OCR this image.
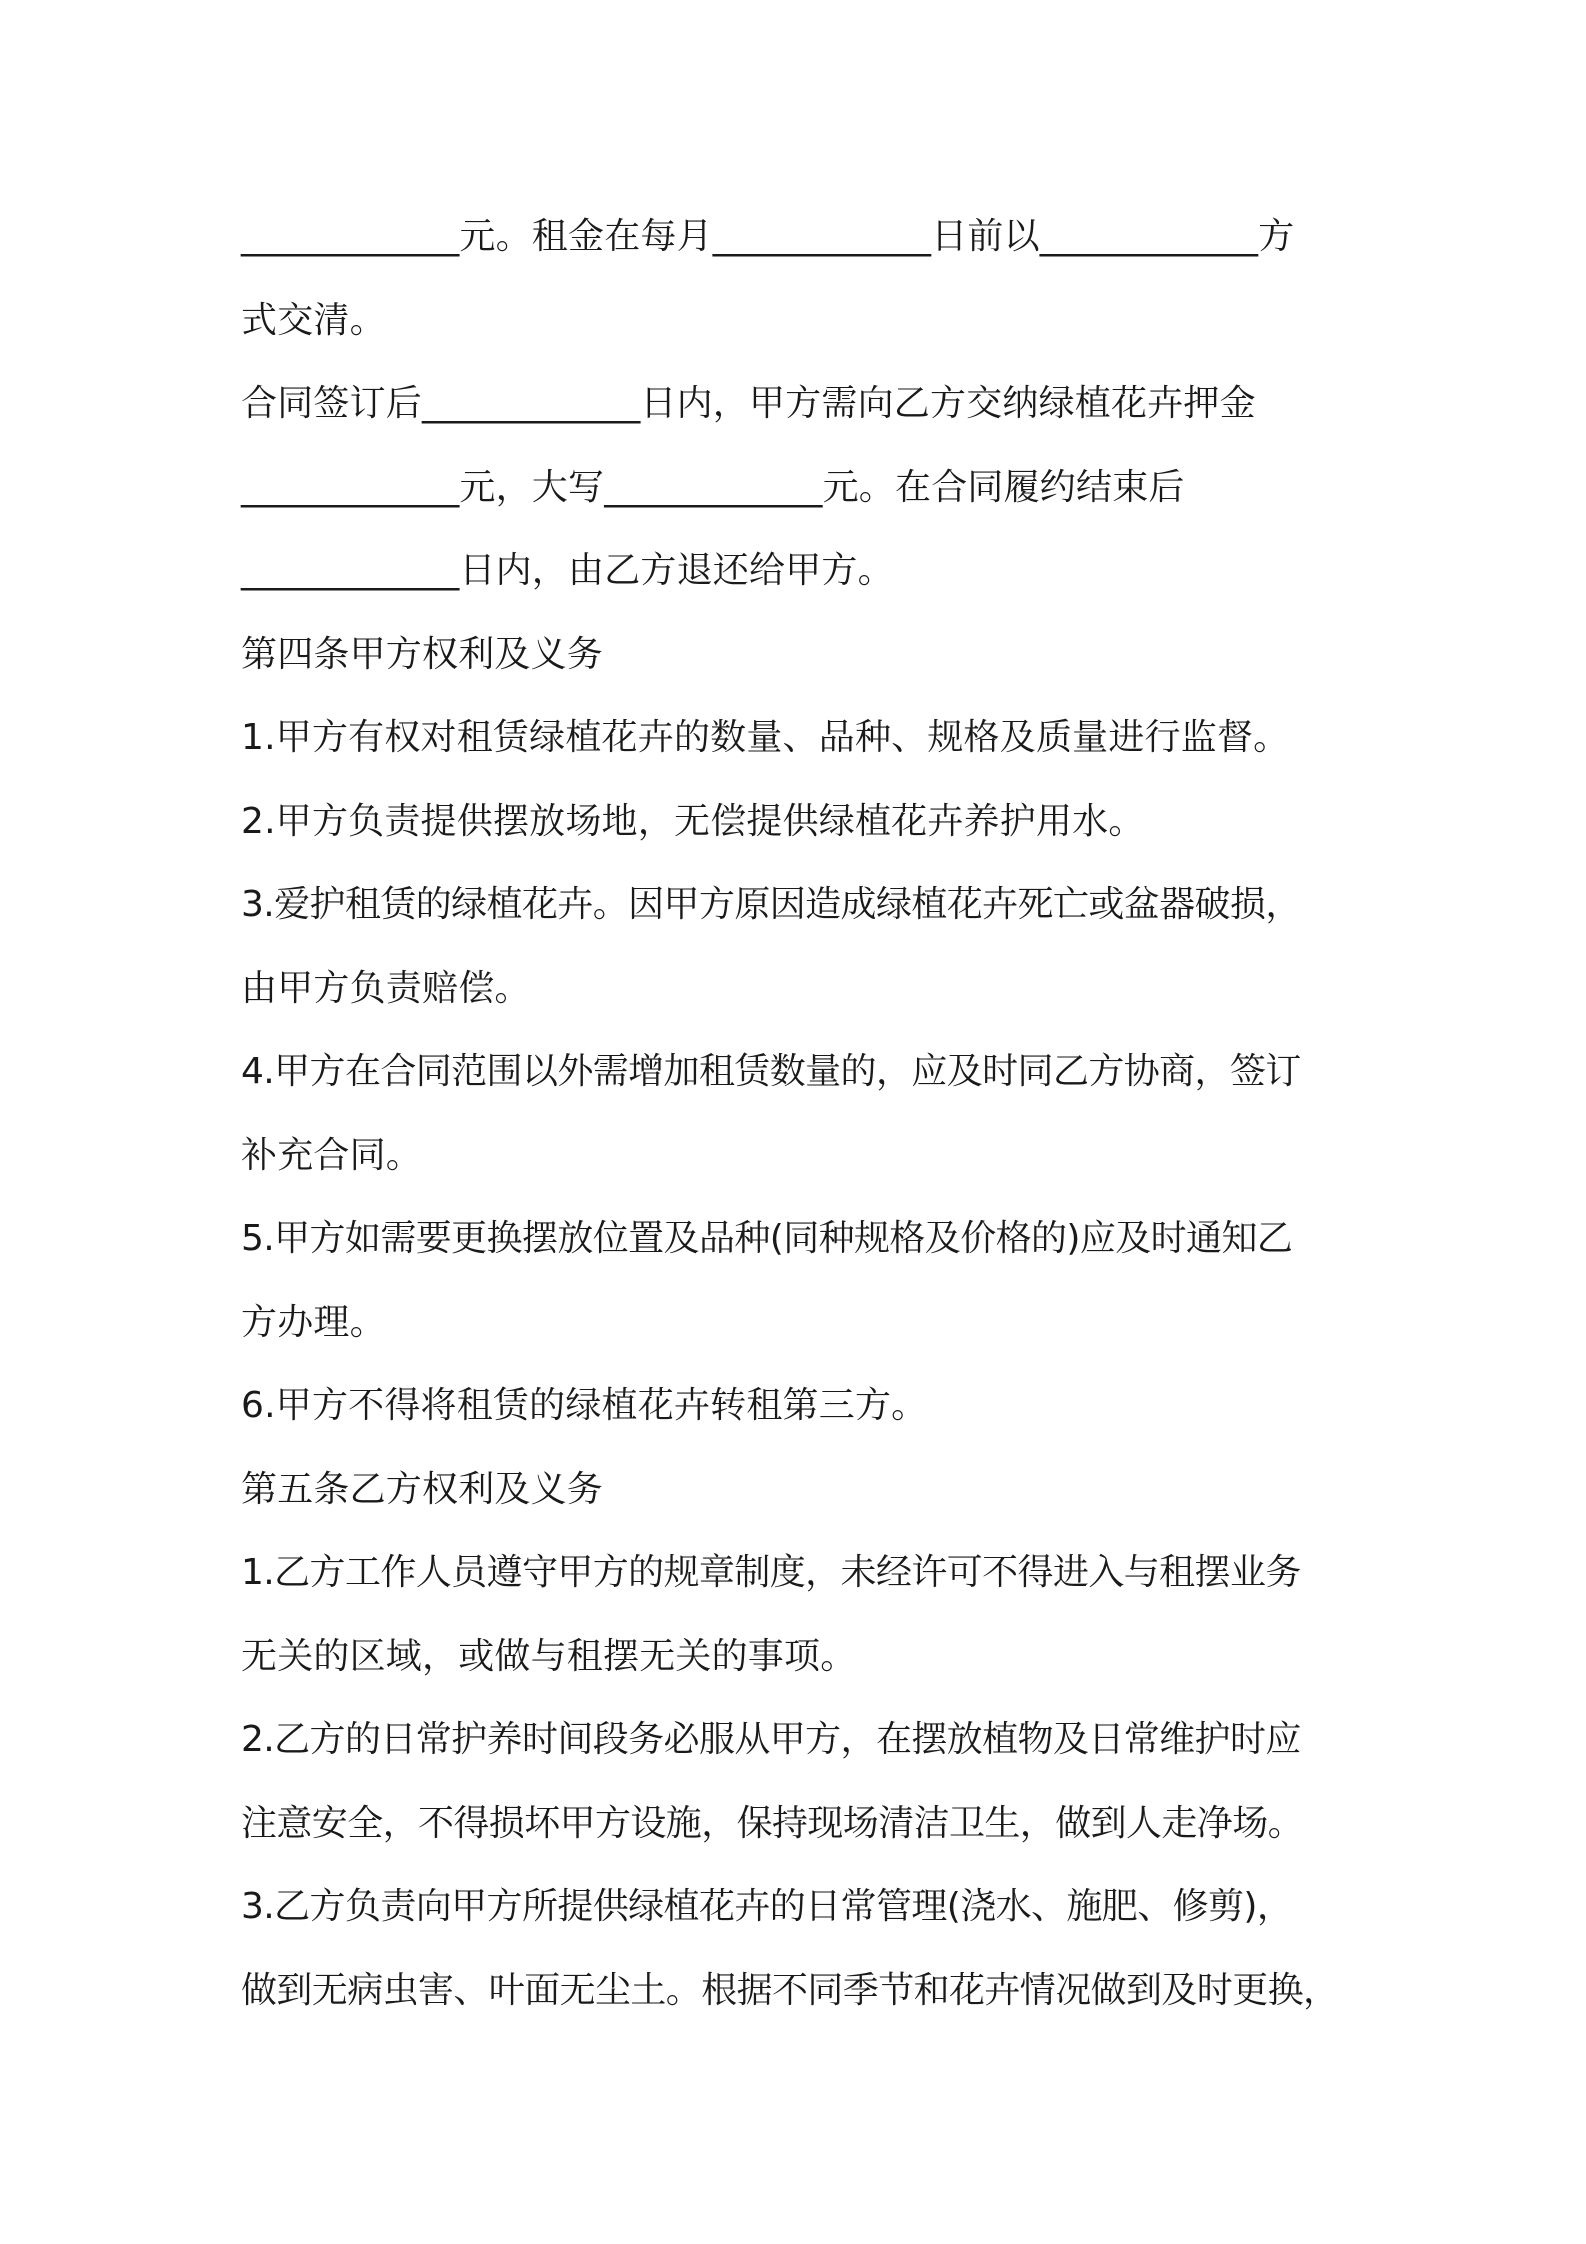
____________元。租金在每月____________日前以____________方
式交清。
合同签订后____________日内，甲方需向乙方交纳绿植花卉押金
____________元，大写____________元。在合同履约结束后
____________日内，由乙方退还给甲方。
第四条甲方权利及义务
1.甲方有权对租赁绿植花卉的数量、品种、规格及质量进行监督。
2.甲方负责提供摆放场地，无偿提供绿植花卉养护用水。
3.爱护租赁的绿植花卉。因甲方原因造成绿植花卉死亡或盆器破损，
由甲方负责赔偿。
4.甲方在合同范围以外需增加租赁数量的，应及时同乙方协商，签订
补充合同。
5.甲方如需要更换摆放位置及品种(同种规格及价格的)应及时通知乙
方办理。
6.甲方不得将租赁的绿植花卉转租第三方。
第五条乙方权利及义务
1.乙方工作人员遵守甲方的规章制度，未经许可不得进入与租摆业务
无关的区域，或做与租摆无关的事项。
2.乙方的日常护养时间段务必服从甲方，在摆放植物及日常维护时应
注意安全，不得损坏甲方设施，保持现场清洁卫生，做到人走净场。
3.乙方负责向甲方所提供绿植花卉的日常管理(浇水、施肥、修剪)，
做到无病虫害、叶面无尘土。根据不同季节和花卉情况做到及时更换，
